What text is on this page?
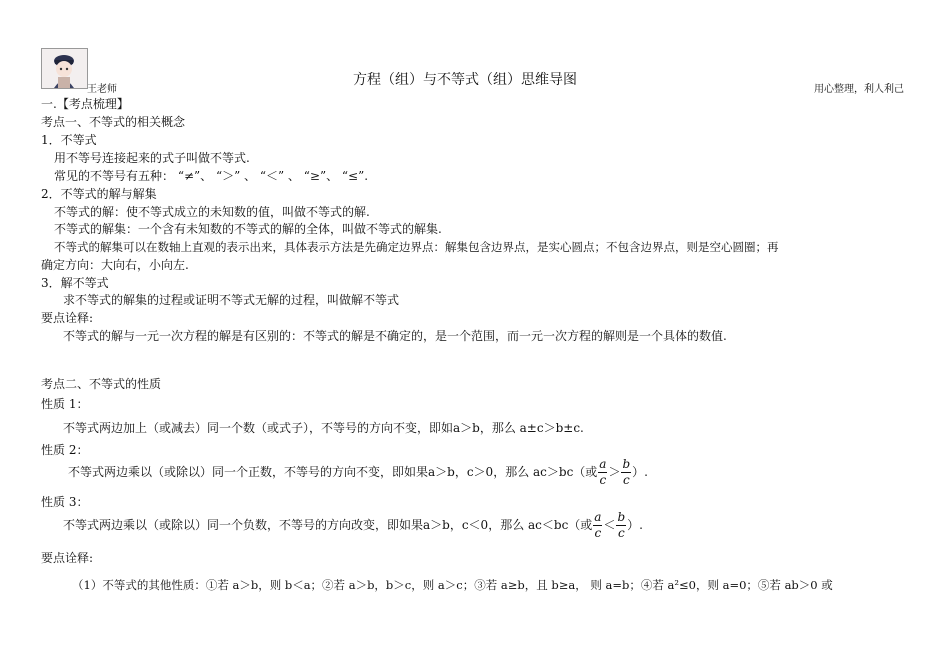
王老师
方程（组）与不等式（组）思维导图
用心整理，利人利己
一.【考点梳理】
考点一、不等式的相关概念
1．不等式
用不等号连接起来的式子叫做不等式.
常见的不等号有五种： “≠”、 “＞” 、 “＜” 、 “≥”、 “≤”.
2．不等式的解与解集
不等式的解：使不等式成立的未知数的值，叫做不等式的解.
不等式的解集：一个含有未知数的不等式的解的全体，叫做不等式的解集.
不等式的解集可以在数轴上直观的表示出来，具体表示方法是先确定边界点：解集包含边界点，是实心圆点；不包含边界点，则是空心圆圈；再
确定方向：大向右，小向左.
3．解不等式
求不等式的解集的过程或证明不等式无解的过程，叫做解不等式
要点诠释:
不等式的解与一元一次方程的解是有区别的：不等式的解是不确定的，是一个范围，而一元一次方程的解则是一个具体的数值.
考点二、不等式的性质
性质 1：
不等式两边加上（或减去）同一个数（或式子），不等号的方向不变，即如a＞b，那么 a±c＞b±c.
性质 2：
不等式两边乘以（或除以）同一个正数，不等号的方向不变，即如果a＞b，c＞0，那么 ac＞bc（或 $\frac{a}{c} > \frac{b}{c}$ ）.
性质 3：
不等式两边乘以（或除以）同一个负数，不等号的方向改变，即如果a＞b，c＜0，那么 ac＜bc（或 $\frac{a}{c} < \frac{b}{c}$ ）.
要点诠释:
（1）不等式的其他性质：①若 a＞b，则 b＜a；②若 a＞b，b＞c，则 a＞c；③若 a≥b，且 b≥a， 则 a=b；④若 a²≤0，则 a=0；⑤若 ab＞0 或
